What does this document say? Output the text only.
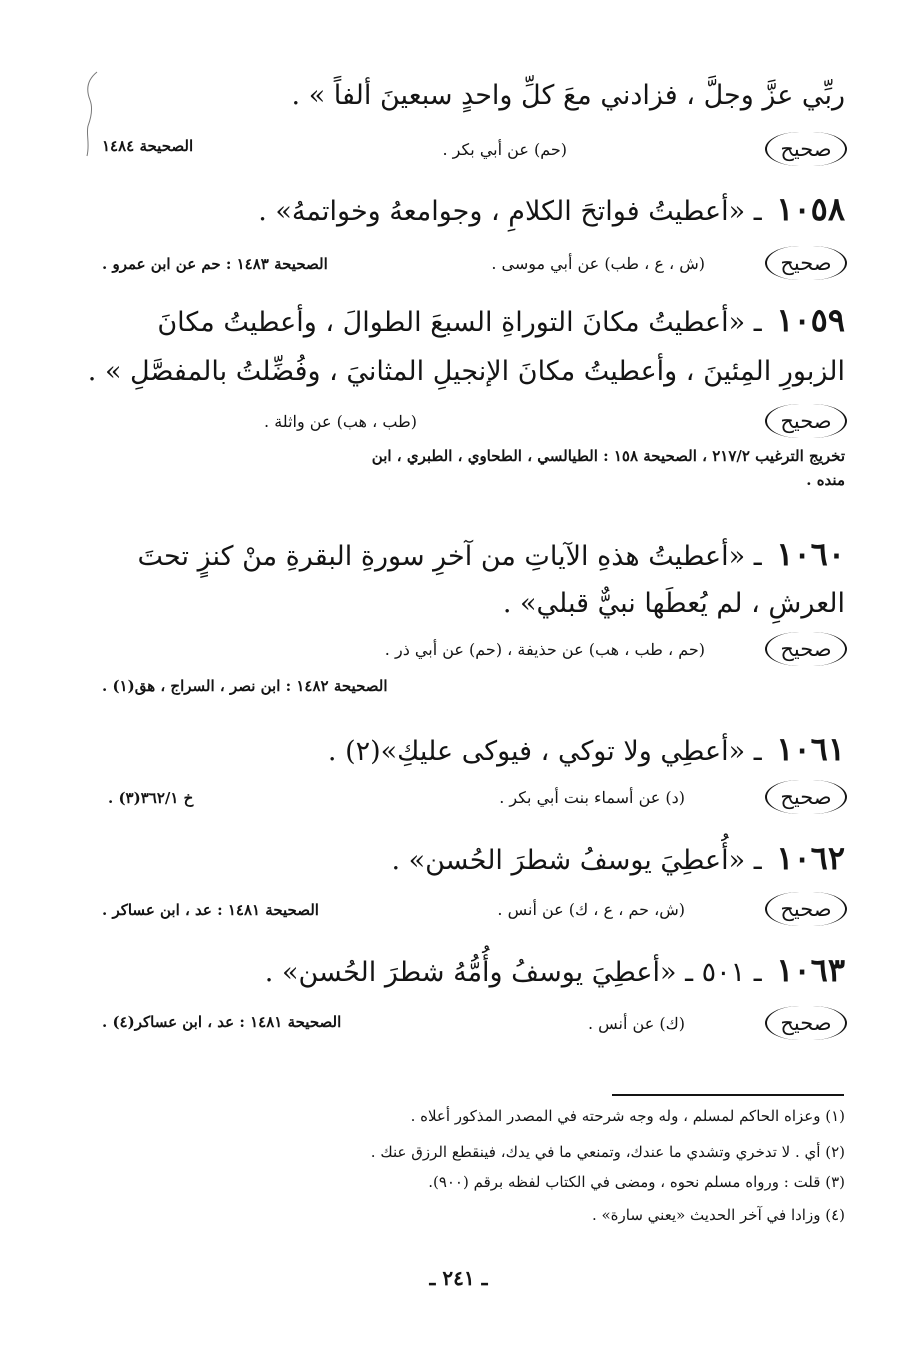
ربِّي عزَّ وجلَّ ، فزادني معَ كلِّ واحدٍ سبعينَ ألفاً » .
صحيح
(حم) عن أبي بكر .
الصحيحة ١٤٨٤
١٠٥٨ ـ «أعطيتُ فواتحَ الكلامِ ، وجوامعهُ وخواتمهُ» .
صحيح
(ش ، ع ، طب) عن أبي موسى .
الصحيحة ١٤٨٣ : حم عن ابن عمرو .
١٠٥٩ ـ «أعطيتُ مكانَ التوراةِ السبعَ الطوالَ ، وأعطيتُ مكانَ
الزبورِ المِئينَ ، وأعطيتُ مكانَ الإنجيلِ المثانيَ ، وفُضِّلتُ بالمفصَّلِ » .
صحيح
(طب ، هب) عن واثلة .
تخريج الترغيب ٢١٧/٢ ، الصحيحة ١٥٨ : الطيالسي ، الطحاوي ، الطبري ، ابن
منده .
١٠٦٠ ـ «أعطيتُ هذهِ الآياتِ من آخرِ سورةِ البقرةِ منْ كنزٍ تحتَ
العرشِ ، لم يُعطَها نبيٌّ قبلي» .
صحيح
(حم ، طب ، هب) عن حذيفة ، (حم) عن أبي ذر .
الصحيحة ١٤٨٢ : ابن نصر ، السراج ، هق(١) .
١٠٦١ ـ «أعطِي ولا توكي ، فيوكى عليكِ»(٢) .
صحيح
(د) عن أسماء بنت أبي بكر .
خ ٣٦٢/١(٣) .
١٠٦٢ ـ «أُعطِيَ يوسفُ شطرَ الحُسن» .
صحيح
(ش، حم ، ع ، ك) عن أنس .
الصحيحة ١٤٨١ : عد ، ابن عساكر .
١٠٦٣ ـ ٥٠١ ـ «أعطِيَ يوسفُ وأُمُّهُ شطرَ الحُسن» .
صحيح
(ك) عن أنس .
الصحيحة ١٤٨١ : عد ، ابن عساكر(٤) .
(١) وعزاه الحاكم لمسلم ، وله وجه شرحته في المصدر المذكور أعلاه .
(٢) أي . لا تدخري وتشدي ما عندك، وتمنعي ما في يدك، فينقطع الرزق عنك .
(٣) قلت : ورواه مسلم نحوه ، ومضى في الكتاب لفظه برقم (٩٠٠).
(٤) وزادا في آخر الحديث «يعني سارة» .
ـ ٢٤١ ـ
